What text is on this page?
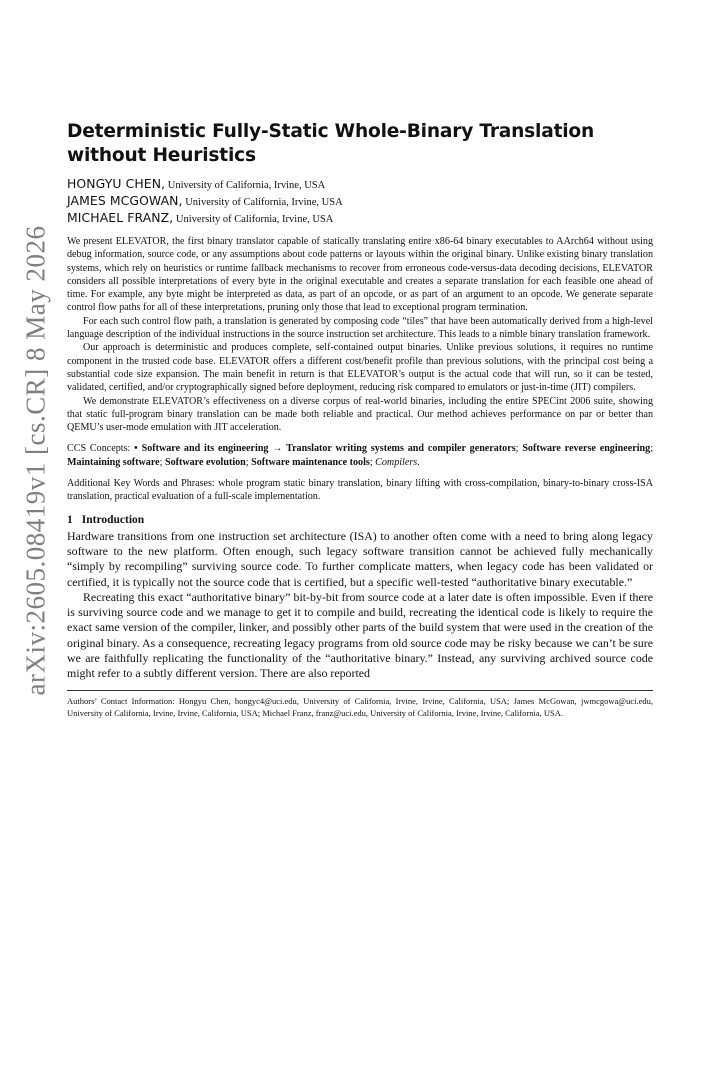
arXiv:2605.08419v1 [cs.CR] 8 May 2026
Deterministic Fully-Static Whole-Binary Translation without Heuristics
HONGYU CHEN, University of California, Irvine, USA
JAMES MCGOWAN, University of California, Irvine, USA
MICHAEL FRANZ, University of California, Irvine, USA

We present ELEVATOR, the first binary translator capable of statically translating entire x86-64 binary executables to AArch64 without using debug information, source code, or any assumptions about code patterns or layouts within the original binary. Unlike existing binary translation systems, which rely on heuristics or runtime fallback mechanisms to recover from erroneous code-versus-data decoding decisions, ELEVATOR considers all possible interpretations of every byte in the original executable and creates a separate translation for each feasible one ahead of time. For example, any byte might be interpreted as data, as part of an opcode, or as part of an argument to an opcode. We generate separate control flow paths for all of these interpretations, pruning only those that lead to exceptional program termination.

For each such control flow path, a translation is generated by composing code “tiles” that have been automatically derived from a high-level language description of the individual instructions in the source instruction set architecture. This leads to a nimble binary translation framework.

Our approach is deterministic and produces complete, self-contained output binaries. Unlike previous solutions, it requires no runtime component in the trusted code base. ELEVATOR offers a different cost/benefit profile than previous solutions, with the principal cost being a substantial code size expansion. The main benefit in return is that ELEVATOR’s output is the actual code that will run, so it can be tested, validated, certified, and/or cryptographically signed before deployment, reducing risk compared to emulators or just-in-time (JIT) compilers.

We demonstrate ELEVATOR’s effectiveness on a diverse corpus of real-world binaries, including the entire SPECint 2006 suite, showing that static full-program binary translation can be made both reliable and practical. Our method achieves performance on par or better than QEMU’s user-mode emulation with JIT acceleration.

CCS Concepts: • Software and its engineering → Translator writing systems and compiler generators; Software reverse engineering; Maintaining software; Software evolution; Software maintenance tools; Compilers.

Additional Key Words and Phrases: whole program static binary translation, binary lifting with cross-compilation, binary-to-binary cross-ISA translation, practical evaluation of a full-scale implementation.

1 Introduction

Hardware transitions from one instruction set architecture (ISA) to another often come with a need to bring along legacy software to the new platform. Often enough, such legacy software transition cannot be achieved fully mechanically “simply by recompiling” surviving source code. To further complicate matters, when legacy code has been validated or certified, it is typically not the source code that is certified, but a specific well-tested “authoritative binary executable.”

Recreating this exact “authoritative binary” bit-by-bit from source code at a later date is often impossible. Even if there is surviving source code and we manage to get it to compile and build, recreating the identical code is likely to require the exact same version of the compiler, linker, and possibly other parts of the build system that were used in the creation of the original binary. As a consequence, recreating legacy programs from old source code may be risky because we can’t be sure we are faithfully replicating the functionality of the “authoritative binary.” Instead, any surviving archived source code might refer to a subtly different version. There are also reported

Authors’ Contact Information: Hongyu Chen, hongyc4@uci.edu, University of California, Irvine, Irvine, California, USA; James McGowan, jwmcgowa@uci.edu, University of California, Irvine, Irvine, California, USA; Michael Franz, franz@uci.edu, University of California, Irvine, Irvine, California, USA.
